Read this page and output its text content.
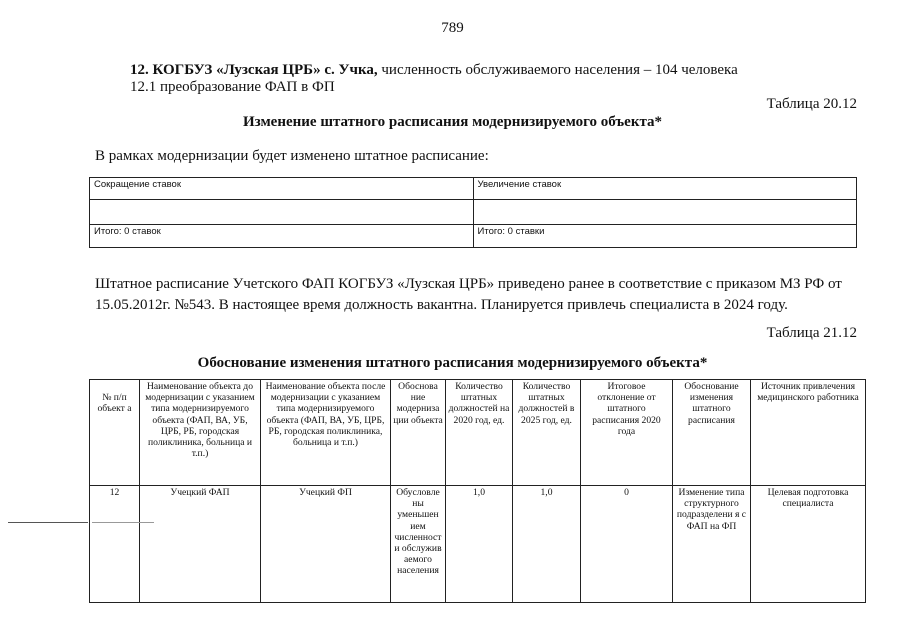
789
12. КОГБУЗ «Лузская ЦРБ» с. Учка, численность обслуживаемого населения – 104 человека
12.1 преобразование ФАП в ФП
Таблица 20.12
Изменение штатного расписания модернизируемого объекта*
В рамках модернизации будет изменено штатное расписание:
Сокращение ставок	Увеличение ставок

Итого: 0 ставок	Итого: 0 ставки
Штатное расписание Учетского ФАП КОГБУЗ «Лузская ЦРБ» приведено ранее в соответствие с приказом МЗ РФ от
15.05.2012г. №543. В настоящее время должность вакантна. Планируется привлечь специалиста в 2024 году.
Таблица 21.12
Обоснование изменения штатного расписания модернизируемого объекта*
№ п/п объект а	Наименование объекта до модернизации с указанием типа модернизируемого объекта (ФАП, ВА, УБ, ЦРБ, РБ, городская поликлиника, больница и т.п.)	Наименование объекта после модернизации с указанием типа модернизируемого объекта (ФАП, ВА, УБ, ЦРБ, РБ, городская поликлиника, больница и т.п.)	Обоснова ние модерниза ции объекта	Количество штатных должностей на 2020 год, ед.	Количество штатных должностей в 2025 год, ед.	Итоговое отклонение от штатного расписания 2020 года	Обоснование изменения штатного расписания	Источник привлечения медицинского работника
12	Учецкий ФАП	Учецкий ФП	Обусловле ны уменьшен ием численност и обслужив аемого населения	1,0	1,0	0	Изменение типа структурного подразделени я с ФАП на ФП	Целевая подготовка специалиста
